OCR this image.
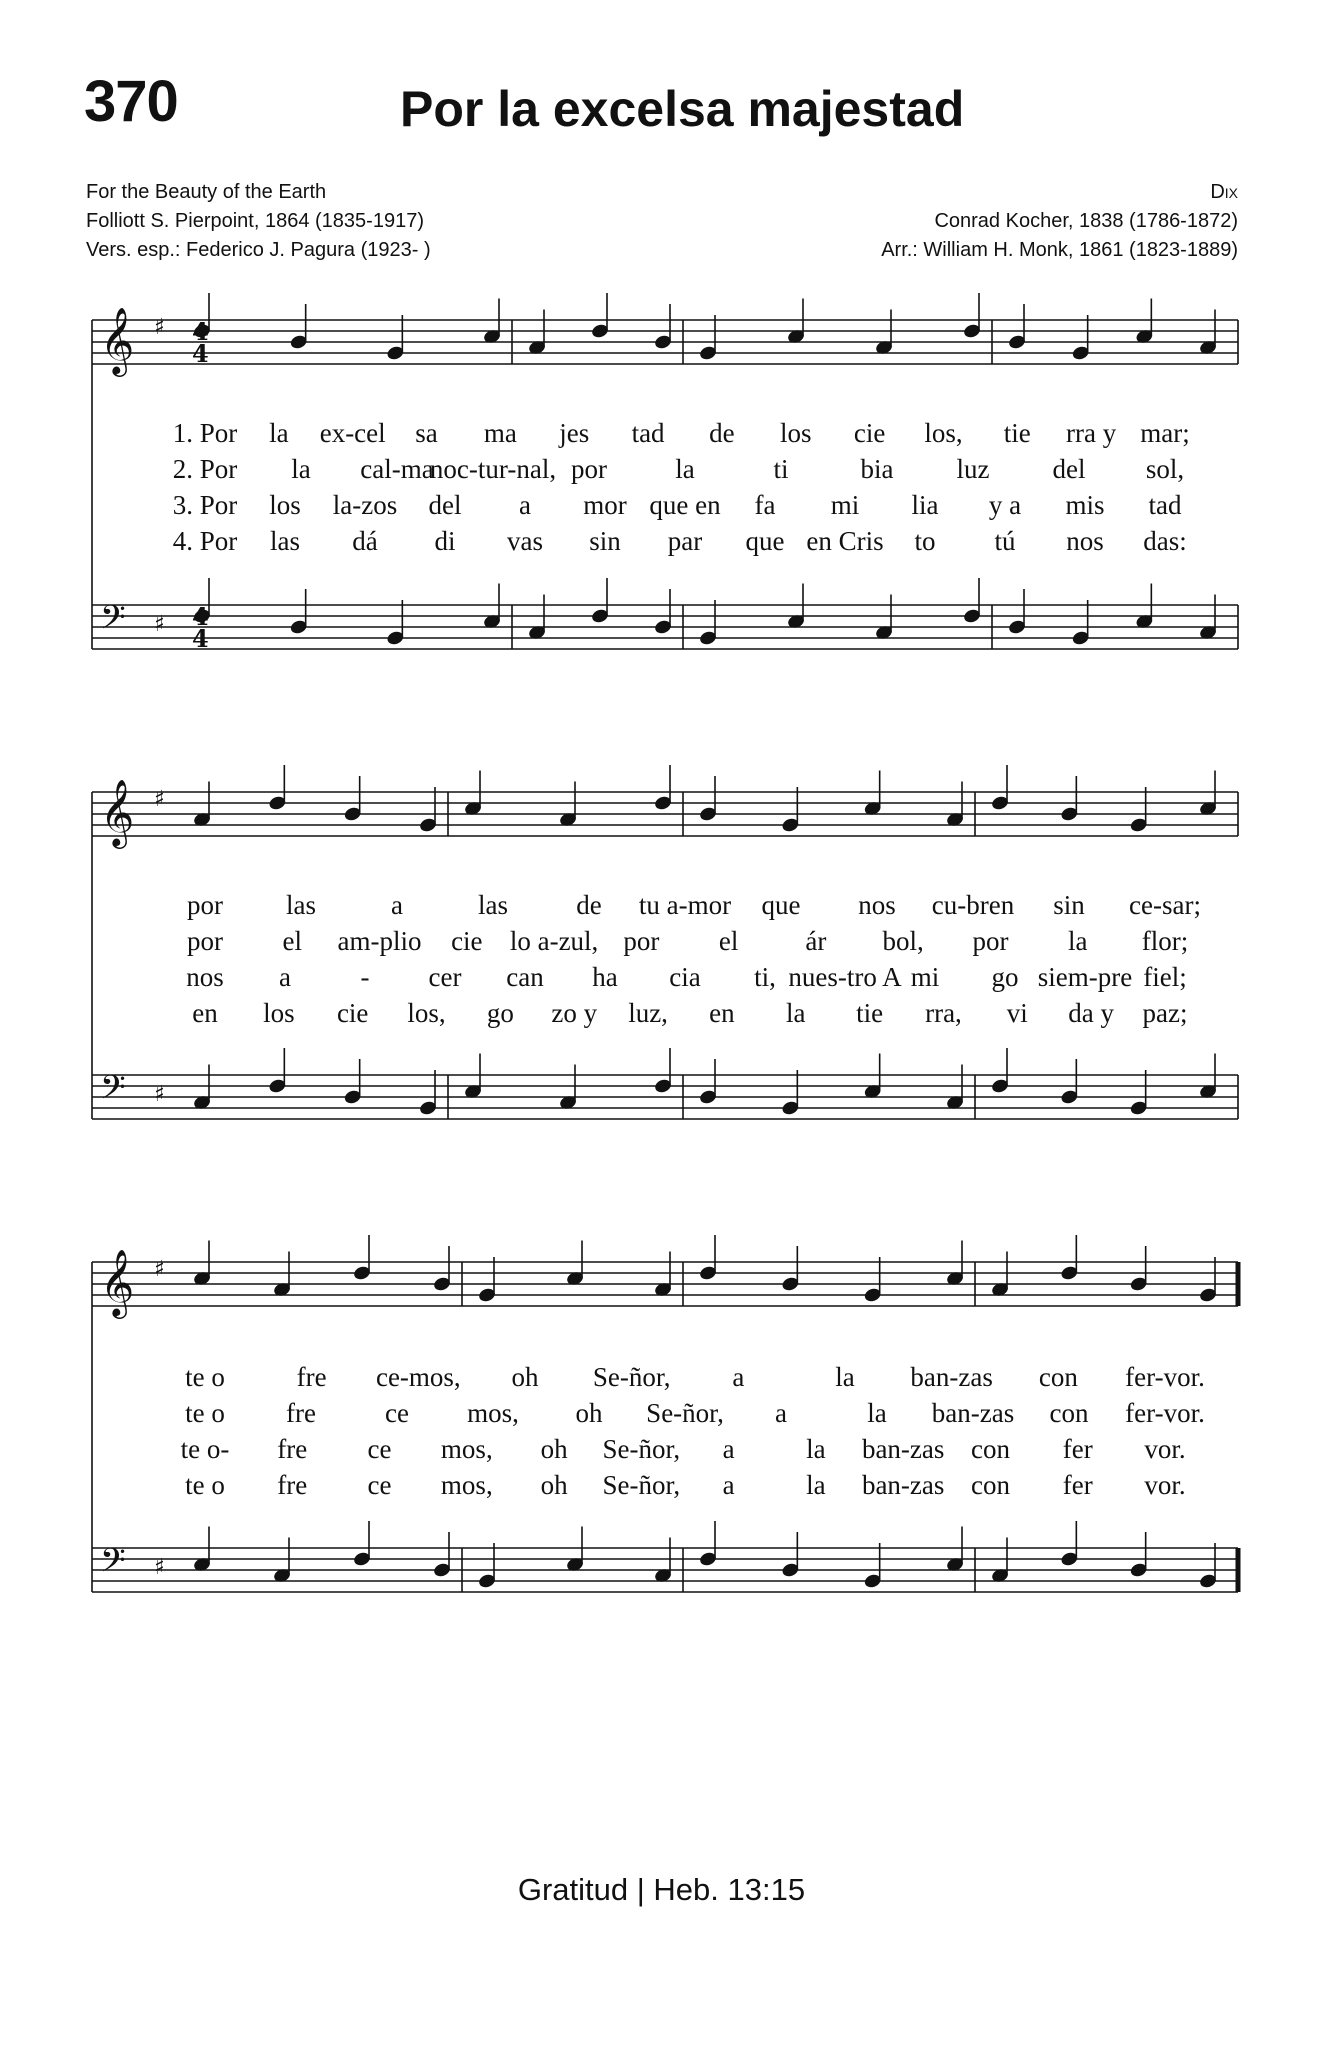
370	Por la excelsa majestad
For the Beauty of the Earth
Folliott S. Pierpoint, 1864 (1835-1917)
Vers. esp.: Federico J. Pagura (1923- )
Dix
Conrad Kocher, 1838 (1786-1872)
Arr.: William H. Monk, 1861 (1823-1889)
𝄞 ♯
𝄢 ♯
𝄞 ♯
𝄢 ♯
𝄞 ♯
𝄢 ♯
4
4
4
4
1. Por la ex-cel sa ma jes tad de los cie los, tie rra y mar;
2. Por la cal-ma
noc-tur-nal, por	la	ti	bia luz del sol,
3. Por los la-zos del a mor que en fa mi lia y a mis tad
4. Por las dá di vas sin par que en Cris to tú nos das:
por las	a	las	de tu a-mor que nos cu-bren sin ce-sar;
por el am-plio cie lo a-zul, por el ár bol, por la flor;
nos a	- cer can ha cia ti, nues-tro A mi go siem-pre fiel;
en los cie los, go zo y luz, en la tie rra, vi da y paz;
te o	fre ce-mos, oh Se-ñor, a	la ban-zas con fer-vor.
te o fre	ce mos, oh Se-ñor, a	la ban-zas con fer-vor.
te o- fre ce mos, oh Se-ñor, a	la ban-zas con fer vor.
te o fre ce mos, oh Se-ñor, a	la ban-zas con fer vor.
Gratitud | Heb. 13:15
